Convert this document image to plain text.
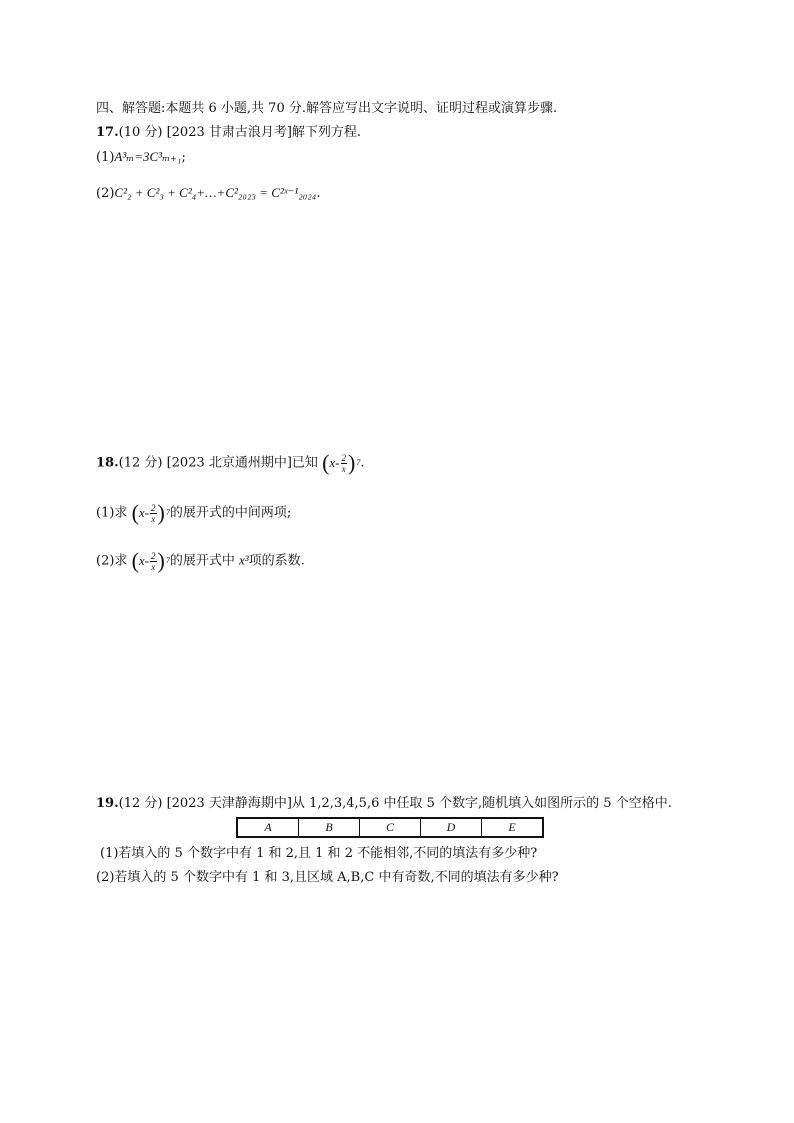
四、解答题:本题共 6 小题,共 70 分.解答应写出文字说明、证明过程或演算步骤.
17.(10 分) [2023 甘肃古浪月考]解下列方程.
(1)A³ₘ=3C³ₘ₊₁;
(2)C²₂ + C²₃ + C²₄+…+C²₂₀₂₃ = C²ˣ⁻¹₂₀₂₄.
18.(12 分) [2023 北京通州期中]已知 ( $x- \frac{2}{x}$ ) 7 .
(1)求 ( $x- \frac{2}{x}$ ) 7 的展开式的中间两项;
(2)求 ( $x- \frac{2}{x}$ ) 7 的展开式中 x³项的系数.
19.(12 分) [2023 天津静海期中]从 1,2,3,4,5,6 中任取 5 个数字,随机填入如图所示的 5 个空格中.
A	B	C	D	E
(1)若填入的 5 个数字中有 1 和 2,且 1 和 2 不能相邻,不同的填法有多少种?
(2)若填入的 5 个数字中有 1 和 3,且区域 A,B,C 中有奇数,不同的填法有多少种?
